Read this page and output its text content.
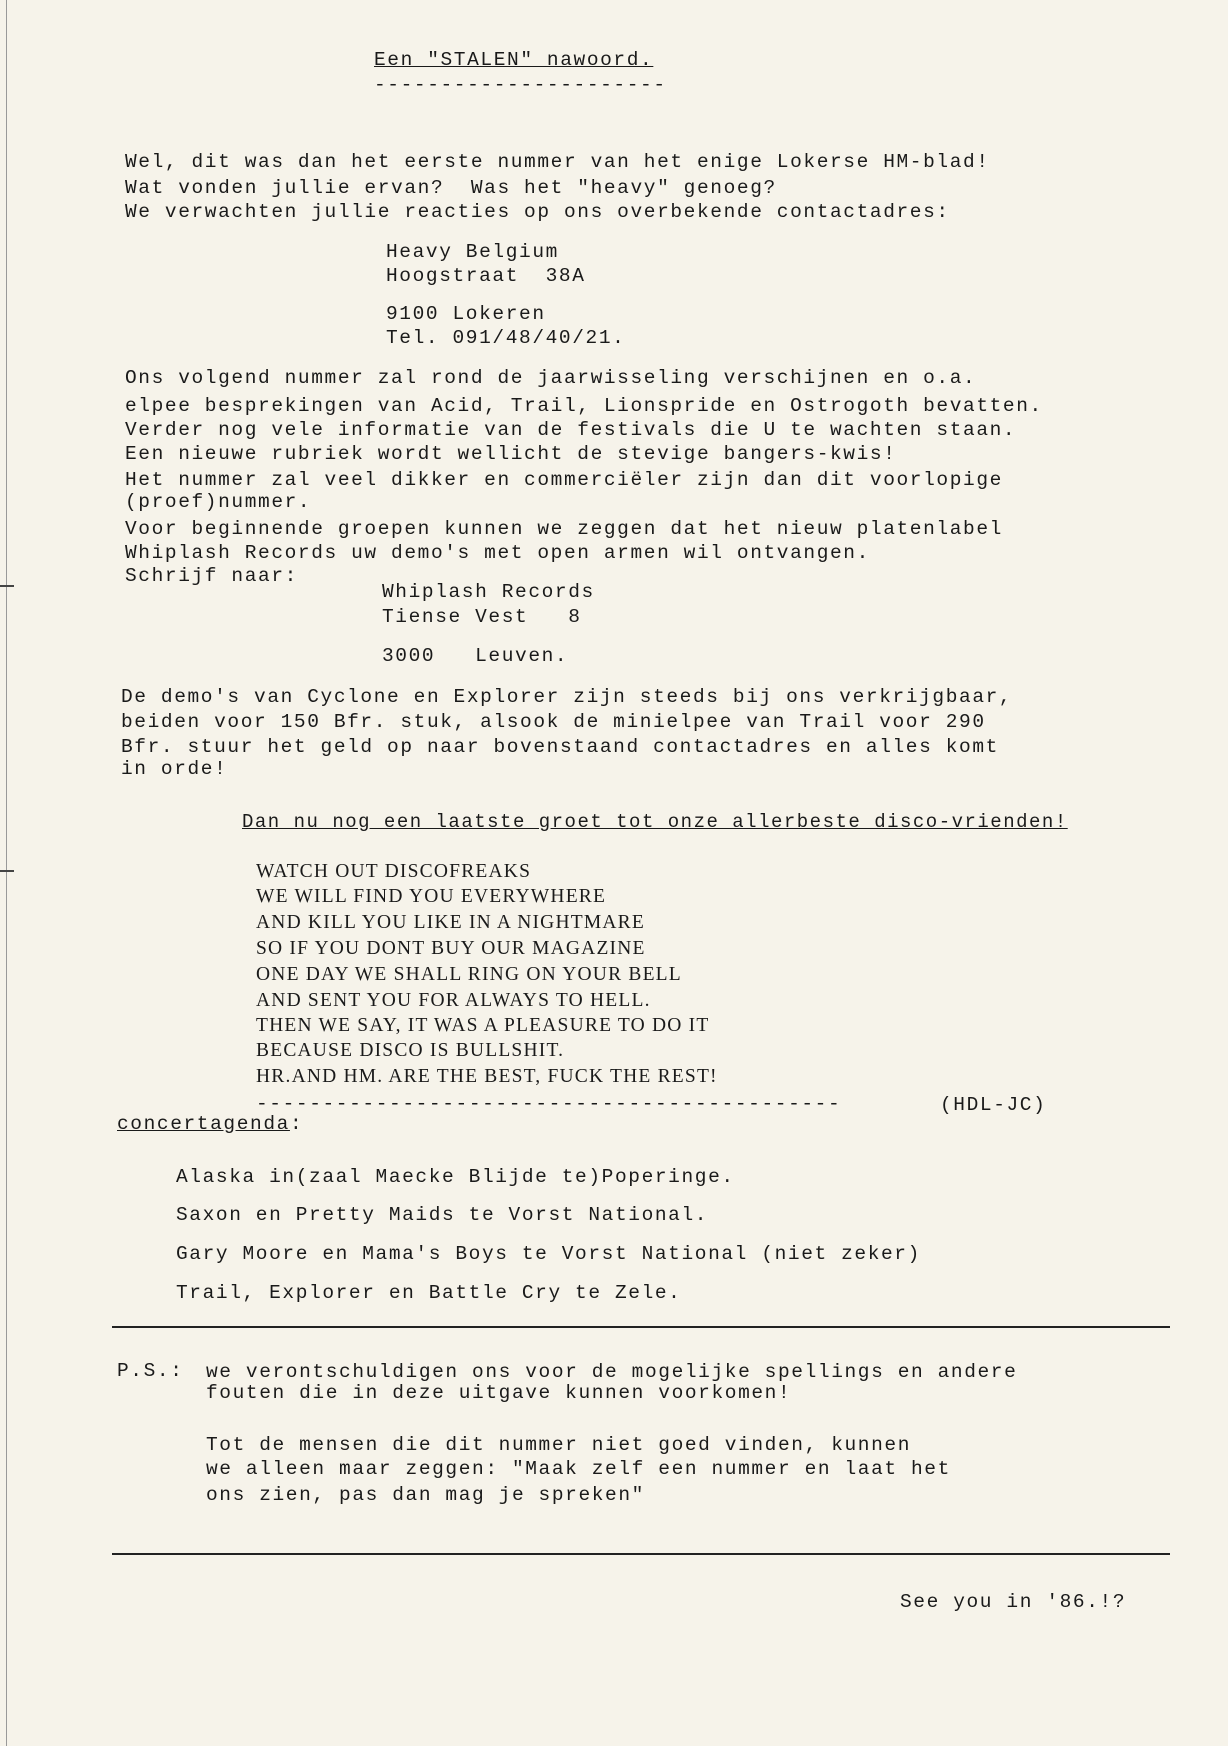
Een "STALEN" nawoord.
----------------------
Wel, dit was dan het eerste nummer van het enige Lokerse HM-blad!
Wat vonden jullie ervan?  Was het "heavy" genoeg?
We verwachten jullie reacties op ons overbekende contactadres:
Heavy Belgium
Hoogstraat  38A
9100 Lokeren
Tel. 091/48/40/21.
Ons volgend nummer zal rond de jaarwisseling verschijnen en o.a.
elpee besprekingen van Acid, Trail, Lionspride en Ostrogoth bevatten.
Verder nog vele informatie van de festivals die U te wachten staan.
Een nieuwe rubriek wordt wellicht de stevige bangers-kwis!
Het nummer zal veel dikker en commerciëler zijn dan dit voorlopige
(proef)nummer.
Voor beginnende groepen kunnen we zeggen dat het nieuw platenlabel
Whiplash Records uw demo's met open armen wil ontvangen.
Schrijf naar:
Whiplash Records
Tiense Vest   8
3000   Leuven.
De demo's van Cyclone en Explorer zijn steeds bij ons verkrijgbaar,
beiden voor 150 Bfr. stuk, alsook de minielpee van Trail voor 290
Bfr. stuur het geld op naar bovenstaand contactadres en alles komt
in orde!
Dan nu nog een laatste groet tot onze allerbeste disco-vrienden!
WATCH OUT DISCOFREAKS
WE WILL FIND YOU EVERYWHERE
AND KILL YOU LIKE IN A NIGHTMARE
SO IF YOU DONT BUY OUR MAGAZINE
ONE DAY WE SHALL RING ON YOUR BELL
AND SENT YOU FOR ALWAYS TO HELL.
THEN WE SAY, IT WAS A PLEASURE TO DO IT
BECAUSE DISCO IS BULLSHIT.
HR.AND HM. ARE THE BEST, FUCK THE REST!
--------------------------------------------	(HDL-JC)
concertagenda:
Alaska in(zaal Maecke Blijde te)Poperinge.
Saxon en Pretty Maids te Vorst National.
Gary Moore en Mama's Boys te Vorst National (niet zeker)
Trail, Explorer en Battle Cry te Zele.
P.S.: we verontschuldigen ons voor de mogelijke spellings en andere
fouten die in deze uitgave kunnen voorkomen!
Tot de mensen die dit nummer niet goed vinden, kunnen
we alleen maar zeggen: "Maak zelf een nummer en laat het
ons zien, pas dan mag je spreken"
See you in '86.!?
